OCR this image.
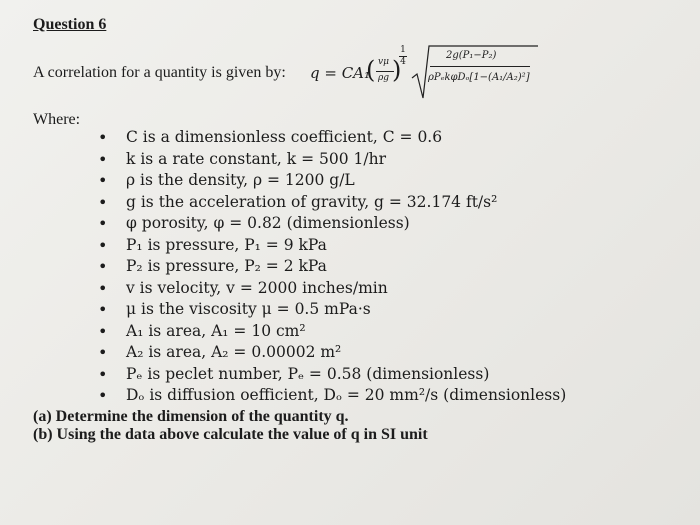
Question 6
A correlation for a quantity is given by: q = CA₁
( vμ
ρg )
1
4
2g(P₁−P₂)
ρPₑkφDₒ[1−(A₁/A₂)²]
Where:
• C is a dimensionless coefficient, C = 0.6
• k is a rate constant, k = 500 1/hr
• ρ is the density, ρ = 1200 g/L
• g is the acceleration of gravity, g = 32.174 ft/s²
• φ porosity, φ = 0.82 (dimensionless)
• P₁ is pressure, P₁ = 9 kPa
• P₂ is pressure, P₂ = 2 kPa
• v is velocity, v = 2000 inches/min
• μ is the viscosity μ = 0.5 mPa·s
• A₁ is area, A₁ = 10 cm²
• A₂ is area, A₂ = 0.00002 m²
• Pₑ is peclet number, Pₑ = 0.58 (dimensionless)
• Dₒ is diffusion oefficient, Dₒ = 20 mm²/s (dimensionless)
(a) Determine the dimension of the quantity q.
(b) Using the data above calculate the value of q in SI unit
